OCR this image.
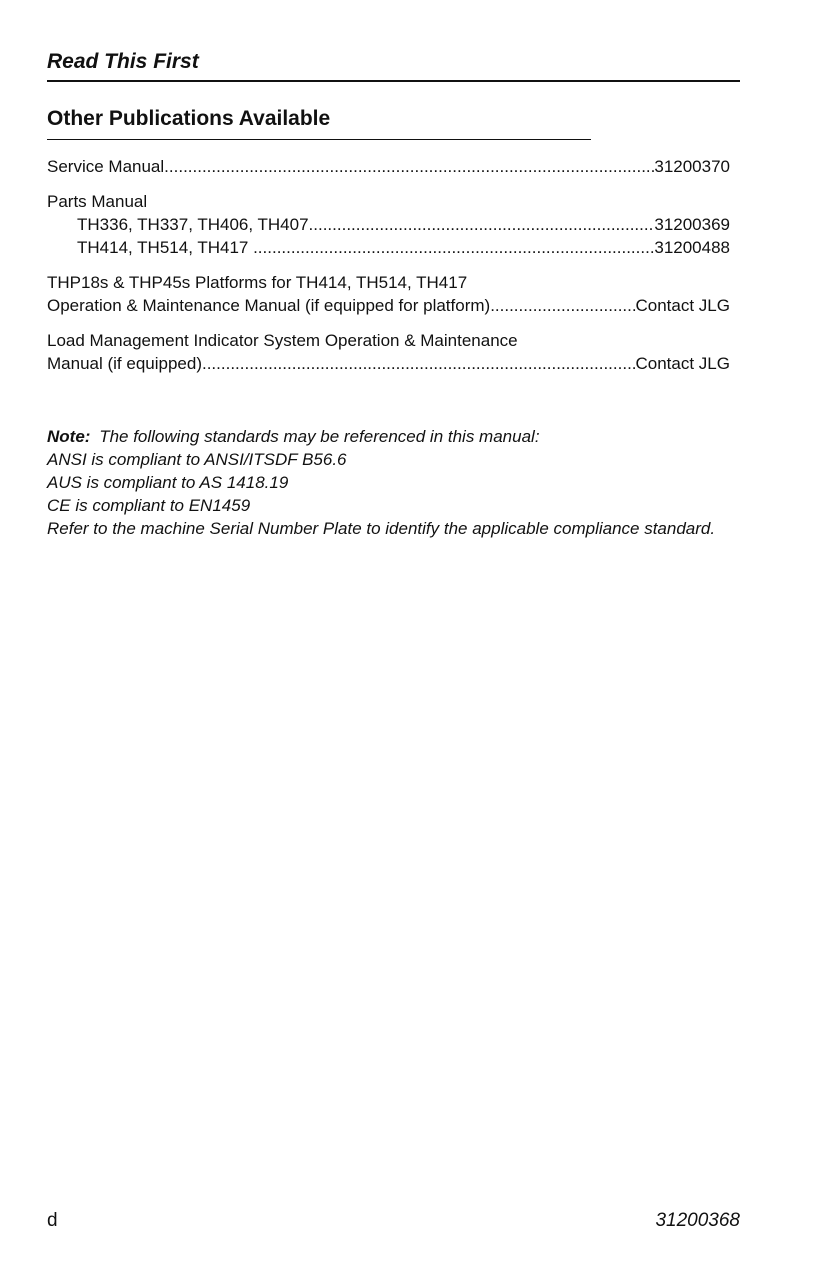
Read This First
Other Publications Available
Service Manual .....	31200370
Parts Manual
TH336, TH337, TH406, TH407 .....	31200369
TH414, TH514, TH417 .....	31200488
THP18s & THP45s Platforms for TH414, TH514, TH417
Operation & Maintenance Manual (if equipped for platform) .....	Contact JLG
Load Management Indicator System Operation & Maintenance
Manual (if equipped) .....	Contact JLG
Note: The following standards may be referenced in this manual:
ANSI is compliant to ANSI/ITSDF B56.6
AUS is compliant to AS 1418.19
CE is compliant to EN1459
Refer to the machine Serial Number Plate to identify the applicable compliance standard.
d	31200368
